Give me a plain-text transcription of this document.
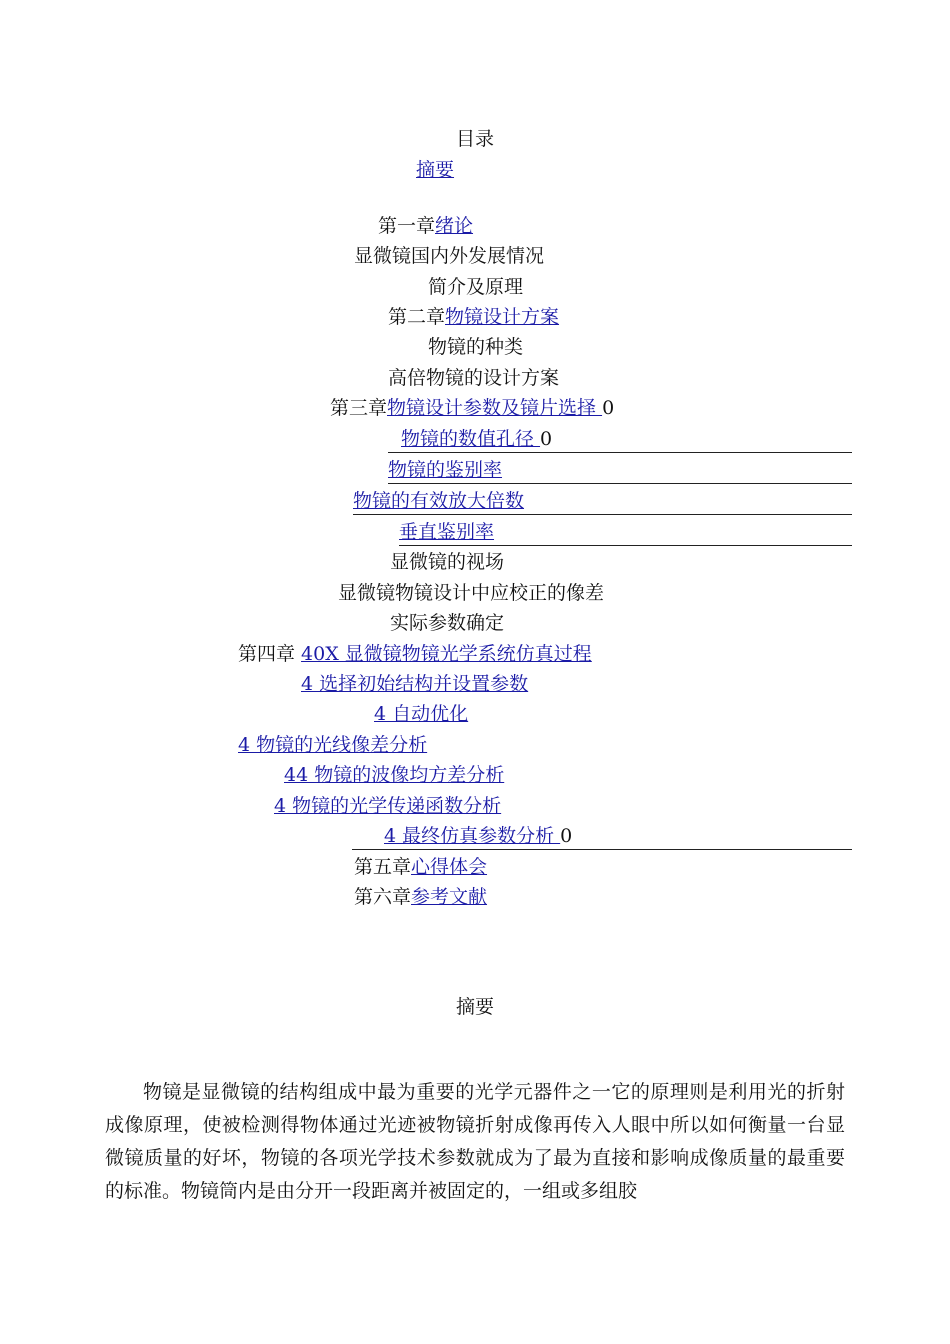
目录
摘要
第一章绪论
显微镜国内外发展情况
简介及原理
第二章物镜设计方案
物镜的种类
高倍物镜的设计方案
第三章物镜设计参数及镜片选择 0
物镜的数值孔径 0
物镜的鉴别率
物镜的有效放大倍数
垂直鉴别率
显微镜的视场
显微镜物镜设计中应校正的像差
实际参数确定
第四章 40X 显微镜物镜光学系统仿真过程
4 选择初始结构并设置参数
4 自动优化
4 物镜的光线像差分析
44 物镜的波像均方差分析
4 物镜的光学传递函数分析
4 最终仿真参数分析 0
第五章心得体会
第六章参考文献
摘要
物镜是显微镜的结构组成中最为重要的光学元器件之一它的原理则是利用光的折射成像原理，使被检测得物体通过光迹被物镜折射成像再传入人眼中所以如何衡量一台显微镜质量的好坏，物镜的各项光学技术参数就成为了最为直接和影响成像质量的最重要的标准。物镜筒内是由分开一段距离并被固定的，一组或多组胶
